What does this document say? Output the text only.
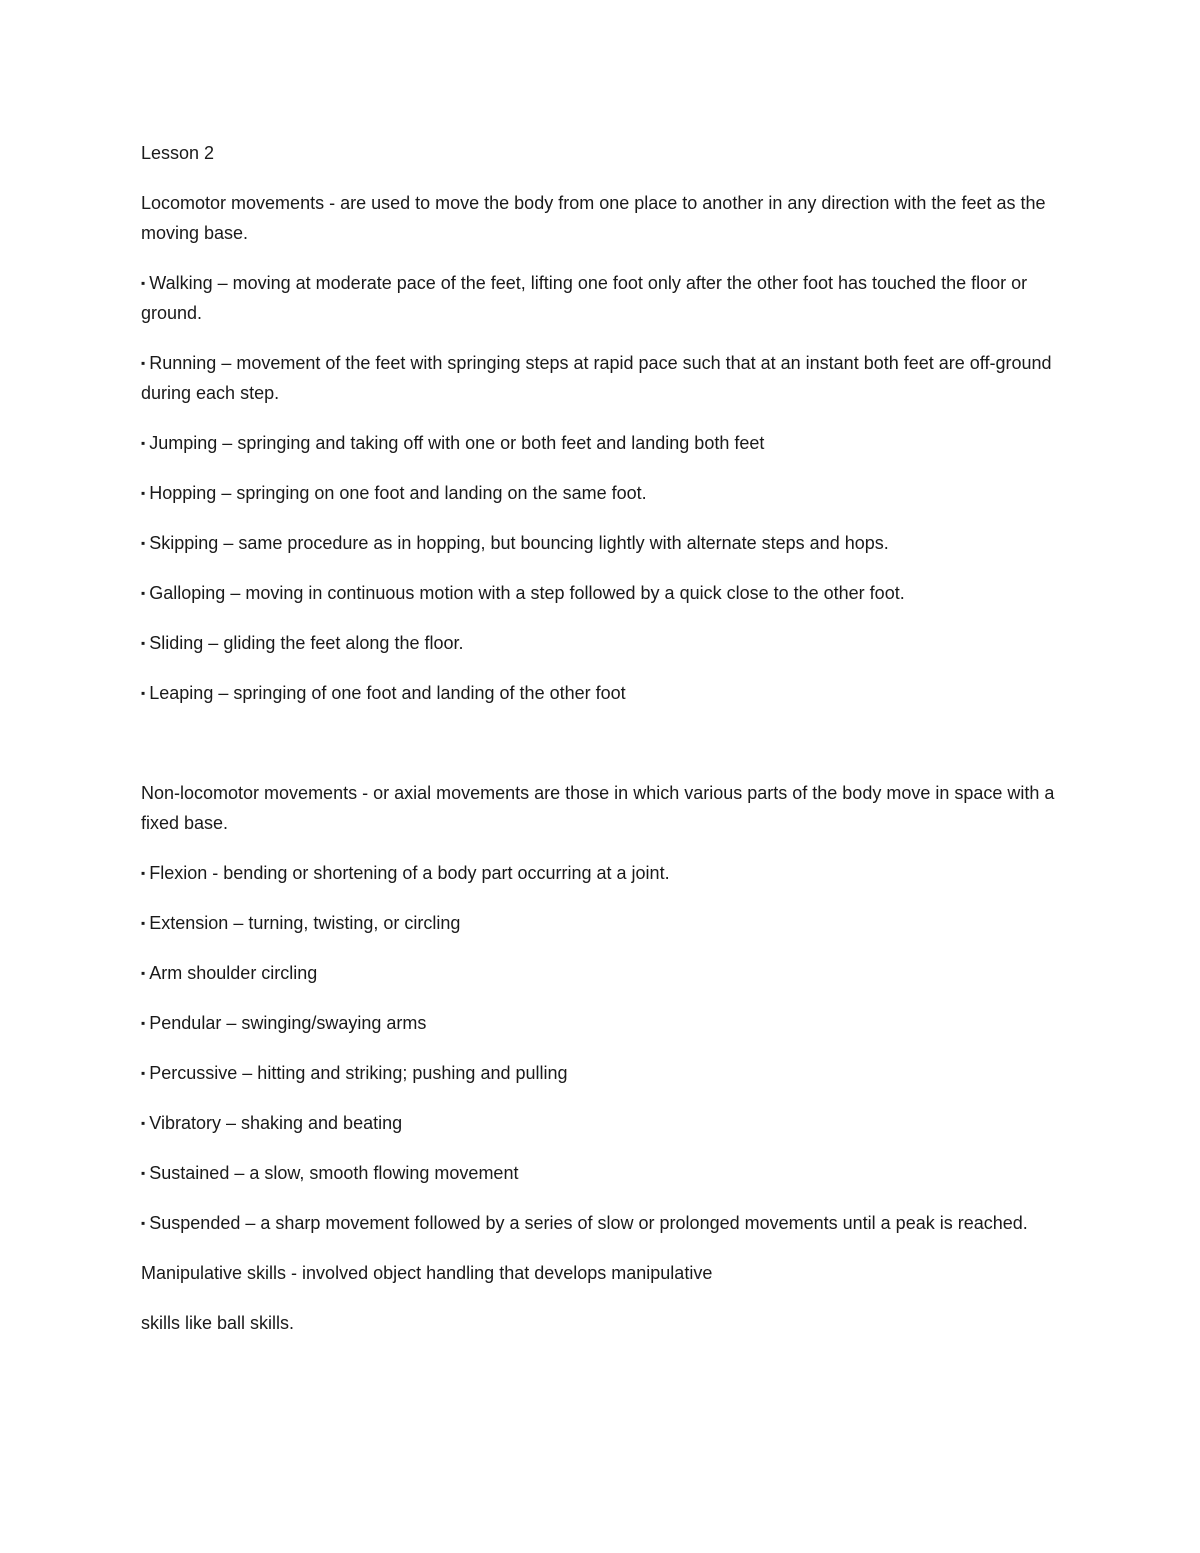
Lesson 2
Locomotor movements - are used to move the body from one place to another in any direction with the feet as the moving base.
▪ Walking – moving at moderate pace of the feet, lifting one foot only after the other foot has touched the floor or ground.
▪ Running – movement of the feet with springing steps at rapid pace such that at an instant both feet are off-ground during each step.
▪ Jumping – springing and taking off with one or both feet and landing both feet
▪ Hopping – springing on one foot and landing on the same foot.
▪ Skipping – same procedure as in hopping, but bouncing lightly with alternate steps and hops.
▪ Galloping – moving in continuous motion with a step followed by a quick close to the other foot.
▪ Sliding – gliding the feet along the floor.
▪ Leaping – springing of one foot and landing of the other foot
Non-locomotor movements - or axial movements are those in which various parts of the body move in space with a fixed base.
▪ Flexion - bending or shortening of a body part occurring at a joint.
▪ Extension – turning, twisting, or circling
▪ Arm shoulder circling
▪ Pendular – swinging/swaying arms
▪ Percussive – hitting and striking; pushing and pulling
▪ Vibratory – shaking and beating
▪ Sustained – a slow, smooth flowing movement
▪ Suspended – a sharp movement followed by a series of slow or prolonged movements until a peak is reached.
Manipulative skills - involved object handling that develops manipulative
skills like ball skills.
